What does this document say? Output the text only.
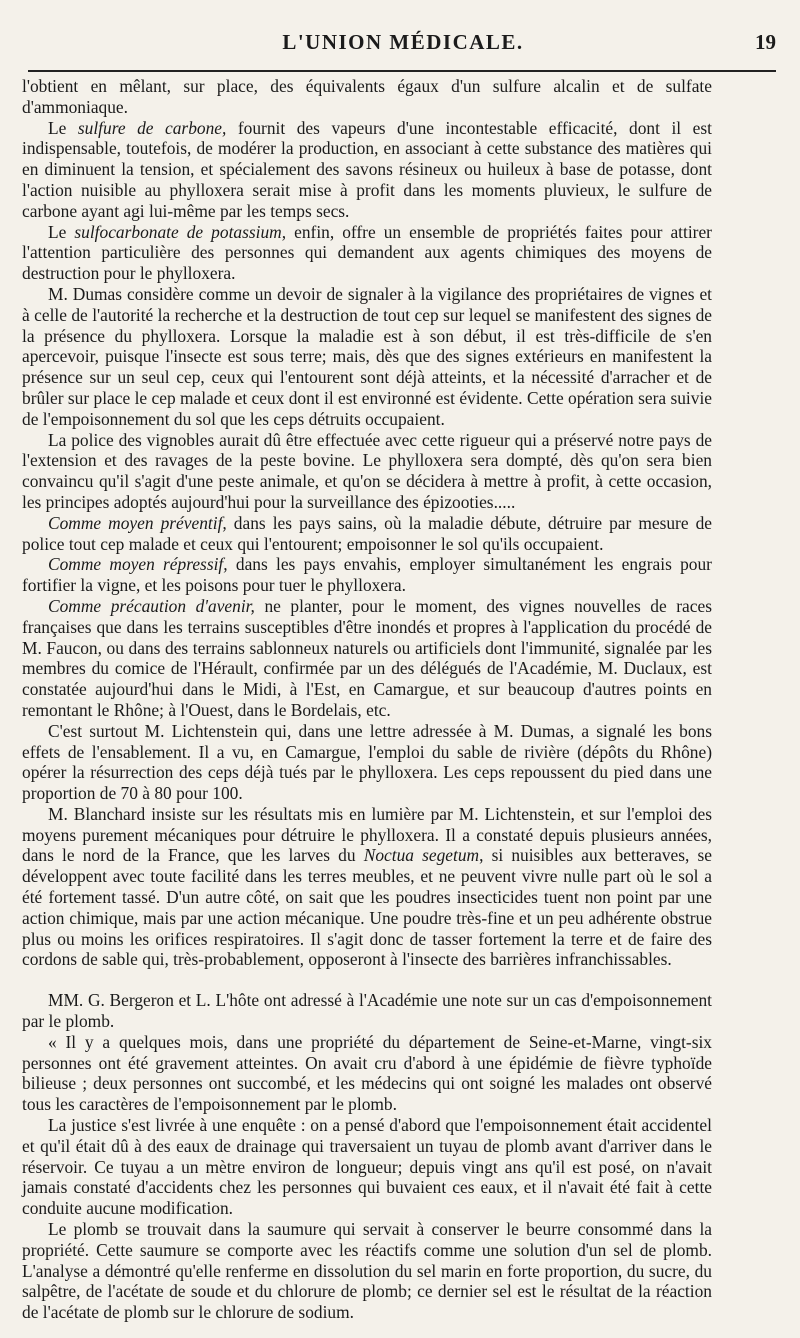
L'UNION MÉDICALE.	19

l'obtient en mêlant, sur place, des équivalents égaux d'un sulfure alcalin et de sulfate d'ammoniaque.

Le sulfure de carbone, fournit des vapeurs d'une incontestable efficacité, dont il est indispensable, toutefois, de modérer la production, en associant à cette substance des matières qui en diminuent la tension, et spécialement des savons résineux ou huileux à base de potasse, dont l'action nuisible au phylloxera serait mise à profit dans les moments pluvieux, le sulfure de carbone ayant agi lui-même par les temps secs.

Le sulfocarbonate de potassium, enfin, offre un ensemble de propriétés faites pour attirer l'attention particulière des personnes qui demandent aux agents chimiques des moyens de destruction pour le phylloxera.

M. Dumas considère comme un devoir de signaler à la vigilance des propriétaires de vignes et à celle de l'autorité la recherche et la destruction de tout cep sur lequel se manifestent des signes de la présence du phylloxera. Lorsque la maladie est à son début, il est très-difficile de s'en apercevoir, puisque l'insecte est sous terre; mais, dès que des signes extérieurs en manifestent la présence sur un seul cep, ceux qui l'entourent sont déjà atteints, et la nécessité d'arracher et de brûler sur place le cep malade et ceux dont il est environné est évidente. Cette opération sera suivie de l'empoisonnement du sol que les ceps détruits occupaient.

La police des vignobles aurait dû être effectuée avec cette rigueur qui a préservé notre pays de l'extension et des ravages de la peste bovine. Le phylloxera sera dompté, dès qu'on sera bien convaincu qu'il s'agit d'une peste animale, et qu'on se décidera à mettre à profit, à cette occasion, les principes adoptés aujourd'hui pour la surveillance des épizooties.....

Comme moyen préventif, dans les pays sains, où la maladie débute, détruire par mesure de police tout cep malade et ceux qui l'entourent; empoisonner le sol qu'ils occupaient.

Comme moyen répressif, dans les pays envahis, employer simultanément les engrais pour fortifier la vigne, et les poisons pour tuer le phylloxera.

Comme précaution d'avenir, ne planter, pour le moment, des vignes nouvelles de races françaises que dans les terrains susceptibles d'être inondés et propres à l'application du procédé de M. Faucon, ou dans des terrains sablonneux naturels ou artificiels dont l'immunité, signalée par les membres du comice de l'Hérault, confirmée par un des délégués de l'Académie, M. Duclaux, est constatée aujourd'hui dans le Midi, à l'Est, en Camargue, et sur beaucoup d'autres points en remontant le Rhône; à l'Ouest, dans le Bordelais, etc.

C'est surtout M. Lichtenstein qui, dans une lettre adressée à M. Dumas, a signalé les bons effets de l'ensablement. Il a vu, en Camargue, l'emploi du sable de rivière (dépôts du Rhône) opérer la résurrection des ceps déjà tués par le phylloxera. Les ceps repoussent du pied dans une proportion de 70 à 80 pour 100.

M. Blanchard insiste sur les résultats mis en lumière par M. Lichtenstein, et sur l'emploi des moyens purement mécaniques pour détruire le phylloxera. Il a constaté depuis plusieurs années, dans le nord de la France, que les larves du Noctua segetum, si nuisibles aux betteraves, se développent avec toute facilité dans les terres meubles, et ne peuvent vivre nulle part où le sol a été fortement tassé. D'un autre côté, on sait que les poudres insecticides tuent non point par une action chimique, mais par une action mécanique. Une poudre très-fine et un peu adhérente obstrue plus ou moins les orifices respiratoires. Il s'agit donc de tasser fortement la terre et de faire des cordons de sable qui, très-probablement, opposeront à l'insecte des barrières infranchissables.

MM. G. Bergeron et L. L'hôte ont adressé à l'Académie une note sur un cas d'empoisonnement par le plomb.

« Il y a quelques mois, dans une propriété du département de Seine-et-Marne, vingt-six personnes ont été gravement atteintes. On avait cru d'abord à une épidémie de fièvre typhoïde bilieuse ; deux personnes ont succombé, et les médecins qui ont soigné les malades ont observé tous les caractères de l'empoisonnement par le plomb.

La justice s'est livrée à une enquête : on a pensé d'abord que l'empoisonnement était accidentel et qu'il était dû à des eaux de drainage qui traversaient un tuyau de plomb avant d'arriver dans le réservoir. Ce tuyau a un mètre environ de longueur; depuis vingt ans qu'il est posé, on n'avait jamais constaté d'accidents chez les personnes qui buvaient ces eaux, et il n'avait été fait à cette conduite aucune modification.

Le plomb se trouvait dans la saumure qui servait à conserver le beurre consommé dans la propriété. Cette saumure se comporte avec les réactifs comme une solution d'un sel de plomb. L'analyse a démontré qu'elle renferme en dissolution du sel marin en forte proportion, du sucre, du salpêtre, de l'acétate de soude et du chlorure de plomb; ce dernier sel est le résultat de la réaction de l'acétate de plomb sur le chlorure de sodium.
